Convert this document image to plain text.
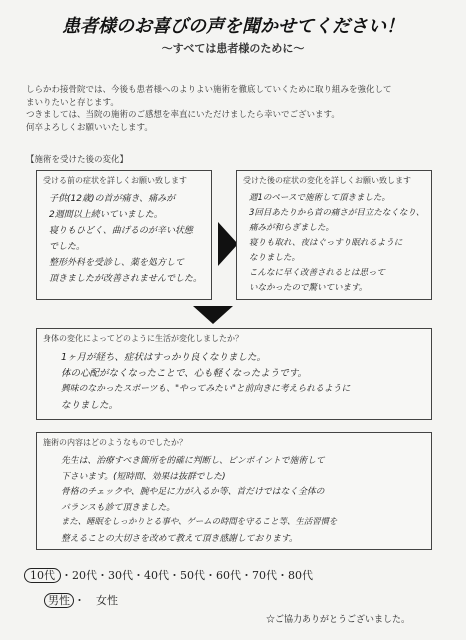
患者様のお喜びの声を聞かせてください！
〜すべては患者様のために〜
しらかわ接骨院では、今後も患者様へのよりよい施術を徹底していくために取り組みを強化して
まいりたいと存じます。
つきましては、当院の施術のご感想を率直にいただけましたら幸いでございます。
何卒よろしくお願いいたします。
【施術を受けた後の変化】
受ける前の症状を詳しくお願い致します
子供(12歳)の首が痛き、痛みが
2週間以上続いていました。
寝りもひどく、曲げるのが辛い状態
でした。
整形外科を受診し、薬を処方して
頂きましたが改善されませんでした。
受けた後の症状の変化を詳しくお願い致します
週1のペースで施術して頂きました。
3回目あたりから首の痛さが目立たなくなり、
痛みが和らぎました。
寝りも取れ、夜はぐっすり眠れるように
なりました。
こんなに早く改善されるとは思って
いなかったので驚いています。
身体の変化によってどのように生活が変化しましたか？
1ヶ月が経ち、症状はすっかり良くなりました。
体の心配がなくなったことで、心も軽くなったようです。
興味のなかったスポーツも、"やってみたい"と前向きに考えられるように
なりました。
施術の内容はどのようなものでしたか？
先生は、治療すべき箇所を的確に判断し、ピンポイントで施術して
下さいます。(短時間、効果は抜群でした)
骨格のチェックや、腕や足に力が入るか等、首だけではなく全体の
バランスも診て頂きました。
また、睡眠をしっかりとる事や、ゲームの時間を守ること等、生活習慣を
整えることの大切さを改めて教えて頂き感謝しております。
10代 ・20代・30代・40代・50代・60代・70代・80代
男性 ・　女性
☆ご協力ありがとうございました。
